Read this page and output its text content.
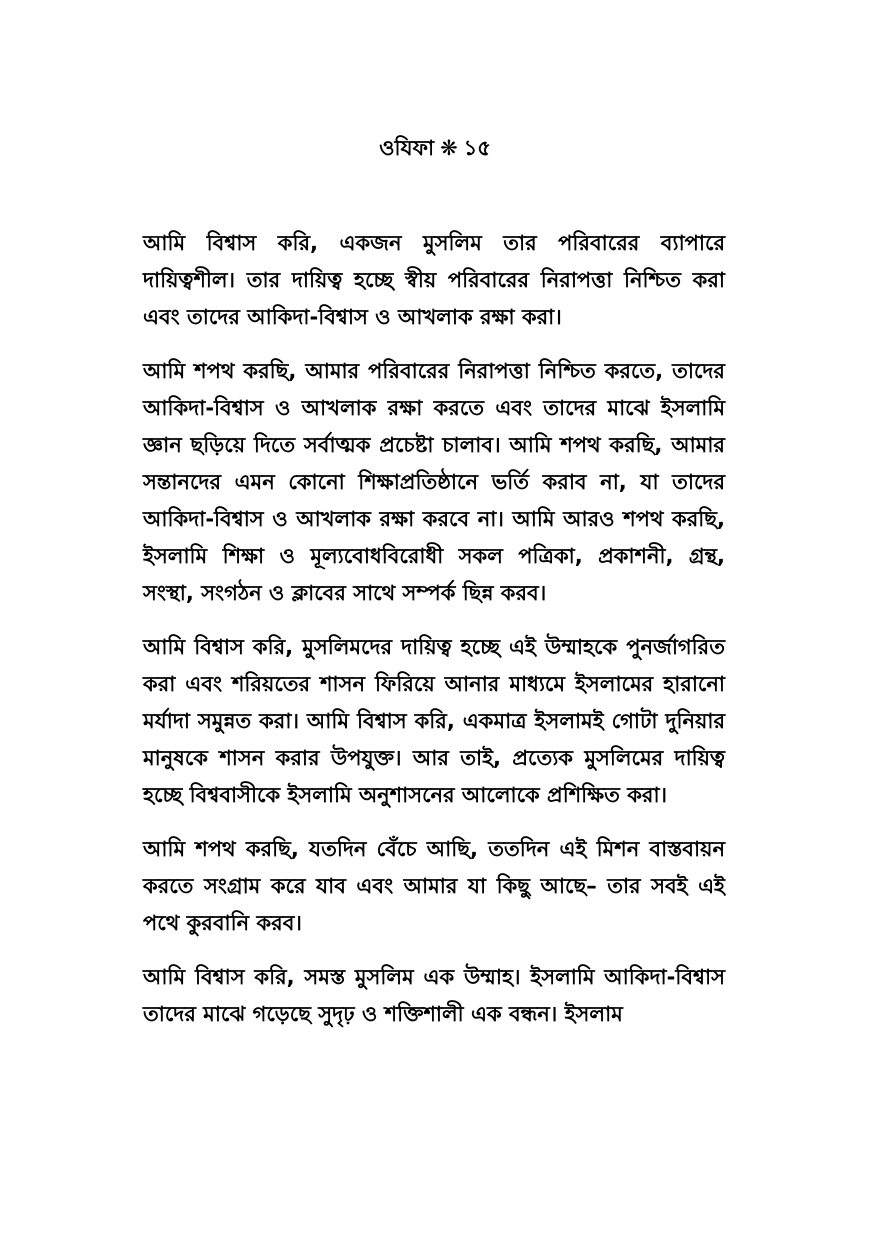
ওযিফা ❋ ১৫

আমি বিশ্বাস করি, একজন মুসলিম তার পরিবারের ব্যাপারে দায়িত্বশীল। তার দায়িত্ব হচ্ছে স্বীয় পরিবারের নিরাপত্তা নিশ্চিত করা এবং তাদের আকিদা-বিশ্বাস ও আখলাক রক্ষা করা।

আমি শপথ করছি, আমার পরিবারের নিরাপত্তা নিশ্চিত করতে, তাদের আকিদা-বিশ্বাস ও আখলাক রক্ষা করতে এবং তাদের মাঝে ইসলামি জ্ঞান ছড়িয়ে দিতে সর্বাত্মক প্রচেষ্টা চালাব। আমি শপথ করছি, আমার সন্তানদের এমন কোনো শিক্ষাপ্রতিষ্ঠানে ভর্তি করাব না, যা তাদের আকিদা-বিশ্বাস ও আখলাক রক্ষা করবে না। আমি আরও শপথ করছি, ইসলামি শিক্ষা ও মূল্যবোধবিরোধী সকল পত্রিকা, প্রকাশনী, গ্রন্থ, সংস্থা, সংগঠন ও ক্লাবের সাথে সম্পর্ক ছিন্ন করব।

আমি বিশ্বাস করি, মুসলিমদের দায়িত্ব হচ্ছে এই উম্মাহকে পুনর্জাগরিত করা এবং শরিয়তের শাসন ফিরিয়ে আনার মাধ্যমে ইসলামের হারানো মর্যাদা সমুন্নত করা। আমি বিশ্বাস করি, একমাত্র ইসলামই গোটা দুনিয়ার মানুষকে শাসন করার উপযুক্ত। আর তাই, প্রত্যেক মুসলিমের দায়িত্ব হচ্ছে বিশ্ববাসীকে ইসলামি অনুশাসনের আলোকে প্রশিক্ষিত করা।

আমি শপথ করছি, যতদিন বেঁচে আছি, ততদিন এই মিশন বাস্তবায়ন করতে সংগ্রাম করে যাব এবং আমার যা কিছু আছে– তার সবই এই পথে কুরবানি করব।

আমি বিশ্বাস করি, সমস্ত মুসলিম এক উম্মাহ। ইসলামি আকিদা-বিশ্বাস তাদের মাঝে গড়েছে সুদৃঢ় ও শক্তিশালী এক বন্ধন। ইসলাম
